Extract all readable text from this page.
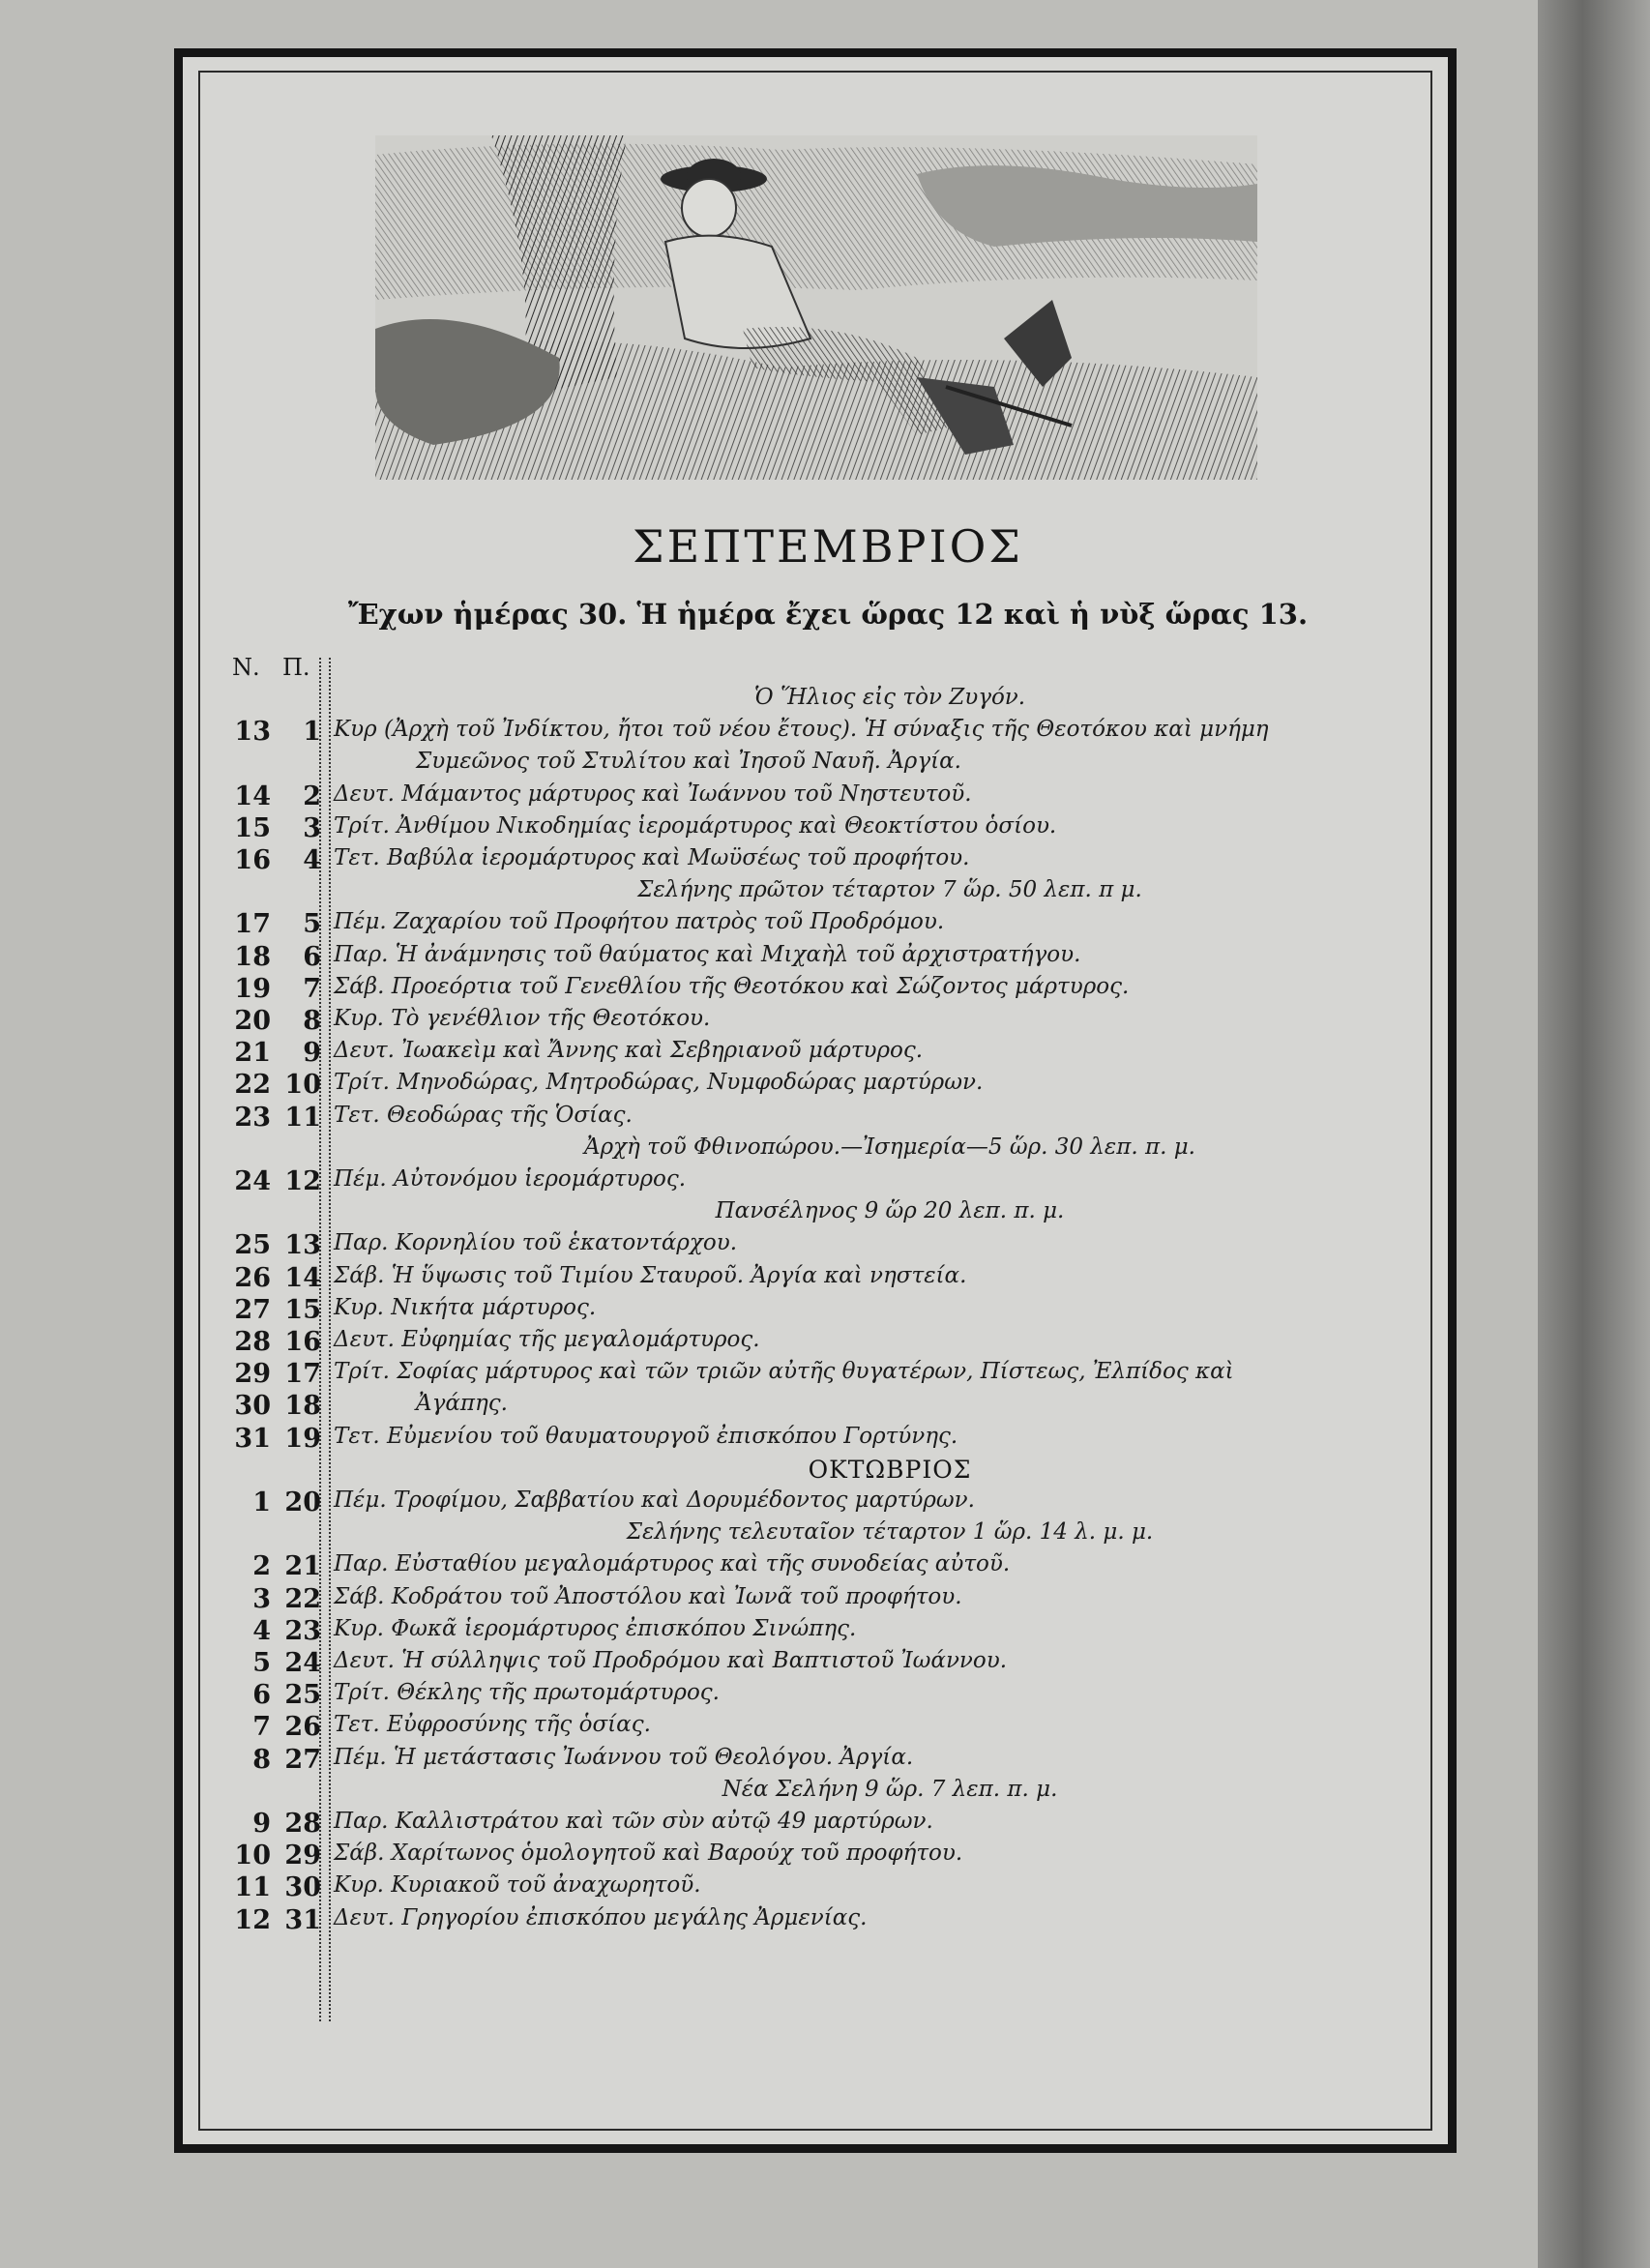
ΣΕΠΤΕΜΒΡΙΟΣ
Ἔχων ἡμέρας 30. Ἡ ἡμέρα ἔχει ὥρας 12 καὶ ἡ νὺξ ὥρας 13.
Ν. Π.
Ὁ Ἥλιος εἰς τὸν Ζυγόν.
13	1 Κυρ (Ἀρχὴ τοῦ Ἰνδίκτου, ἤτοι τοῦ νέου ἔτους). Ἡ σύναξις τῆς Θεοτόκου καὶ μνήμη
Συμεῶνος τοῦ Στυλίτου καὶ Ἰησοῦ Ναυῆ. Ἀργία.
14	2 Δευτ. Μάμαντος μάρτυρος καὶ Ἰωάννου τοῦ Νηστευτοῦ.
15	3 Τρίτ. Ἀνθίμου Νικοδημίας ἱερομάρτυρος καὶ Θεοκτίστου ὁσίου.
16	4 Τετ. Βαβύλα ἱερομάρτυρος καὶ Μωϋσέως τοῦ προφήτου.
Σελήνης πρῶτον τέταρτον 7 ὥρ. 50 λεπ. π μ.
17	5 Πέμ. Ζαχαρίου τοῦ Προφήτου πατρὸς τοῦ Προδρόμου.
18	6 Παρ. Ἡ ἀνάμνησις τοῦ θαύματος καὶ Μιχαὴλ τοῦ ἀρχιστρατήγου.
19	7 Σάβ. Προεόρτια τοῦ Γενεθλίου τῆς Θεοτόκου καὶ Σώζοντος μάρτυρος.
20	8 Κυρ. Τὸ γενέθλιον τῆς Θεοτόκου.
21	9 Δευτ. Ἰωακεὶμ καὶ Ἄννης καὶ Σεβηριανοῦ μάρτυρος.
22 10 Τρίτ. Μηνοδώρας, Μητροδώρας, Νυμφοδώρας μαρτύρων.
23 11 Τετ. Θεοδώρας τῆς Ὁσίας.
Ἀρχὴ τοῦ Φθινοπώρου.—Ἰσημερία—5 ὥρ. 30 λεπ. π. μ.
24 12 Πέμ. Αὐτονόμου ἱερομάρτυρος.
Πανσέληνος 9 ὥρ 20 λεπ. π. μ.
25 13 Παρ. Κορνηλίου τοῦ ἑκατοντάρχου.
26 14 Σάβ. Ἡ ὕψωσις τοῦ Τιμίου Σταυροῦ. Ἀργία καὶ νηστεία.
27 15 Κυρ. Νικήτα μάρτυρος.
28 16 Δευτ. Εὐφημίας τῆς μεγαλομάρτυρος.
29 17 Τρίτ. Σοφίας μάρτυρος καὶ τῶν τριῶν αὐτῆς θυγατέρων, Πίστεως, Ἐλπίδος καὶ
30 18	Ἀγάπης.
31 19 Τετ. Εὐμενίου τοῦ θαυματουργοῦ ἐπισκόπου Γορτύνης.
ΟΚΤΩΒΡΙΟΣ
1 20 Πέμ. Τροφίμου, Σαββατίου καὶ Δορυμέδοντος μαρτύρων.
Σελήνης τελευταῖον τέταρτον 1 ὥρ. 14 λ. μ. μ.
2 21 Παρ. Εὐσταθίου μεγαλομάρτυρος καὶ τῆς συνοδείας αὐτοῦ.
3 22 Σάβ. Κοδράτου τοῦ Ἀποστόλου καὶ Ἰωνᾶ τοῦ προφήτου.
4 23 Κυρ. Φωκᾶ ἱερομάρτυρος ἐπισκόπου Σινώπης.
5 24 Δευτ. Ἡ σύλληψις τοῦ Προδρόμου καὶ Βαπτιστοῦ Ἰωάννου.
6 25 Τρίτ. Θέκλης τῆς πρωτομάρτυρος.
7 26 Τετ. Εὐφροσύνης τῆς ὁσίας.
8 27 Πέμ. Ἡ μετάστασις Ἰωάννου τοῦ Θεολόγου. Ἀργία.
Νέα Σελήνη 9 ὥρ. 7 λεπ. π. μ.
9 28 Παρ. Καλλιστράτου καὶ τῶν σὺν αὐτῷ 49 μαρτύρων.
10 29 Σάβ. Χαρίτωνος ὁμολογητοῦ καὶ Βαρούχ τοῦ προφήτου.
11 30 Κυρ. Κυριακοῦ τοῦ ἀναχωρητοῦ.
12 31 Δευτ. Γρηγορίου ἐπισκόπου μεγάλης Ἀρμενίας.
